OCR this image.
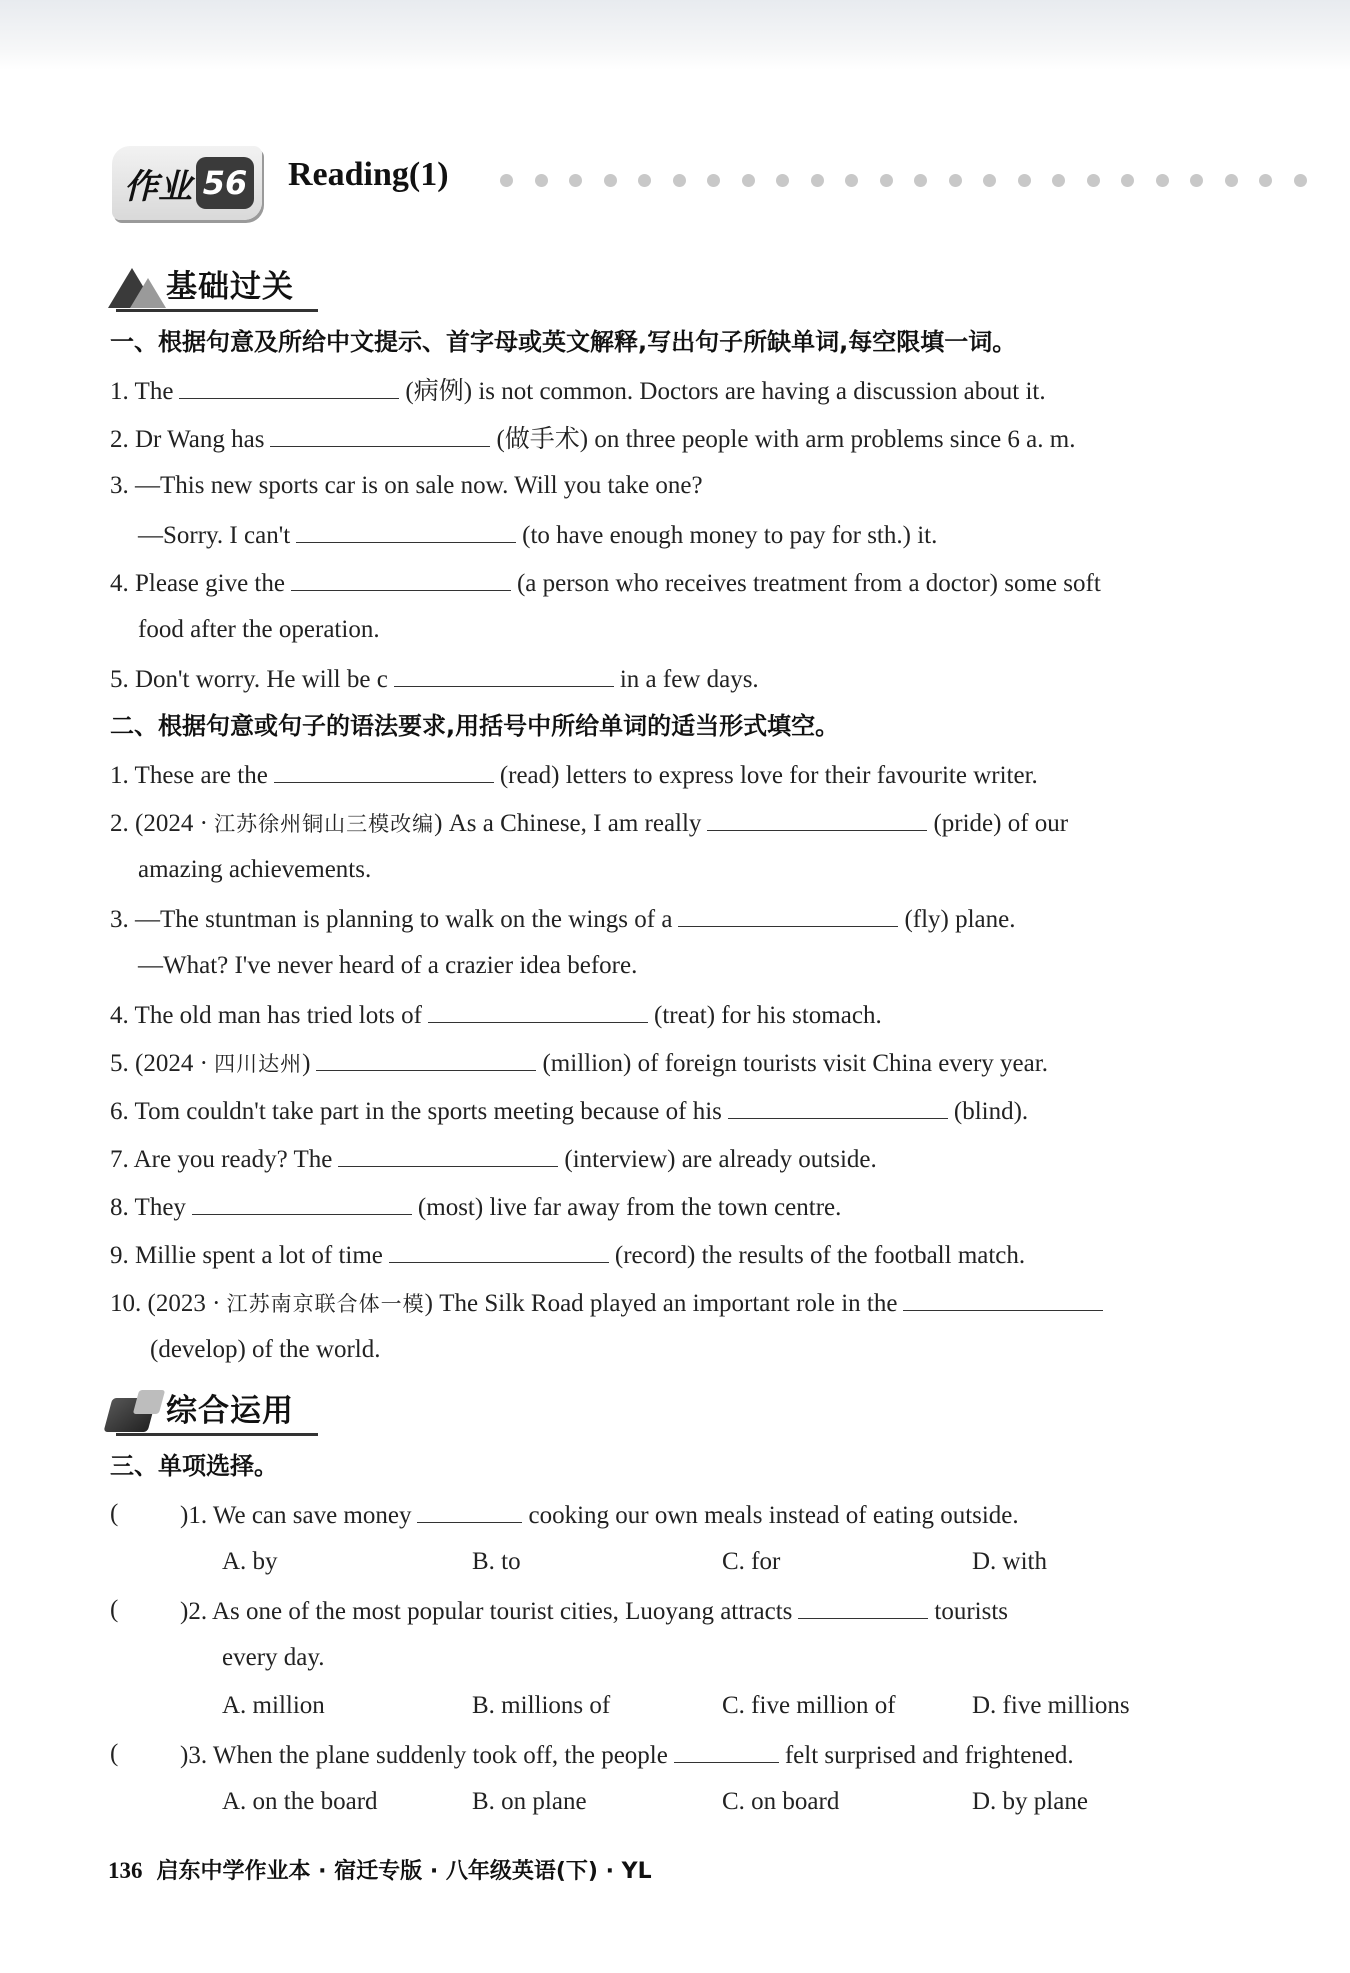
作业 56 Reading(1)
基础过关
一、根据句意及所给中文提示、首字母或英文解释,写出句子所缺单词,每空限填一词。
1. The	(病例) is not common. Doctors are having a discussion about it.
2. Dr Wang has	(做手术) on three people with arm problems since 6 a. m.
3. —This new sports car is on sale now. Will you take one?
—Sorry. I can't	(to have enough money to pay for sth.) it.
4. Please give the	(a person who receives treatment from a doctor) some soft
food after the operation.
5. Don't worry. He will be c	in a few days.
二、根据句意或句子的语法要求,用括号中所给单词的适当形式填空。
1. These are the	(read) letters to express love for their favourite writer.
2. (2024 · 江苏徐州铜山三模改编) As a Chinese, I am really	(pride) of our
amazing achievements.
3. —The stuntman is planning to walk on the wings of a	(fly) plane.
—What? I've never heard of a crazier idea before.
4. The old man has tried lots of	(treat) for his stomach.
5. (2024 · 四川达州)	(million) of foreign tourists visit China every year.
6. Tom couldn't take part in the sports meeting because of his	(blind).
7. Are you ready? The	(interview) are already outside.
8. They	(most) live far away from the town centre.
9. Millie spent a lot of time	(record) the results of the football match.
10. (2023 · 江苏南京联合体一模) The Silk Road played an important role in the
(develop) of the world.
综合运用
三、单项选择。
( )1. We can save money	cooking our own meals instead of eating outside.
A. by	B. to	C. for	D. with
( )2. As one of the most popular tourist cities, Luoyang attracts	tourists
every day.
A. million	B. millions of	C. five million of	D. five millions
( )3. When the plane suddenly took off, the people	felt surprised and frightened.
A. on the board	B. on plane	C. on board	D. by plane
136 启东中学作业本 · 宿迁专版 · 八年级英语(下) · YL
